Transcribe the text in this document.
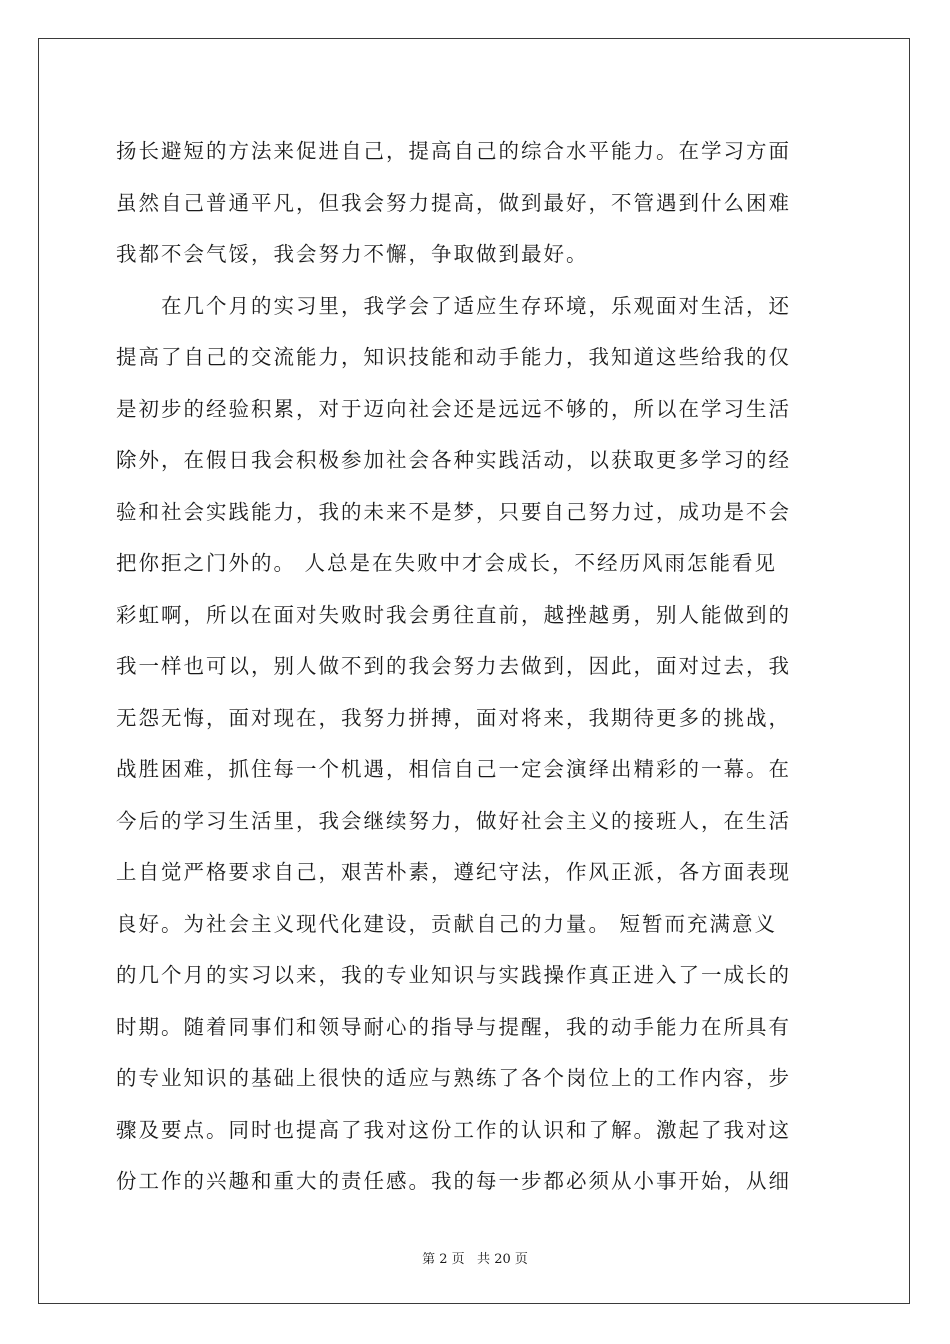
扬长避短的方法来促进自己，提高自己的综合水平能力。在学习方面
虽然自己普通平凡，但我会努力提高，做到最好，不管遇到什么困难
我都不会气馁，我会努力不懈，争取做到最好。
　　在几个月的实习里，我学会了适应生存环境，乐观面对生活，还
提高了自己的交流能力，知识技能和动手能力，我知道这些给我的仅
是初步的经验积累，对于迈向社会还是远远不够的，所以在学习生活
除外，在假日我会积极参加社会各种实践活动，以获取更多学习的经
验和社会实践能力，我的未来不是梦，只要自己努力过，成功是不会
把你拒之门外的。 人总是在失败中才会成长，不经历风雨怎能看见
彩虹啊，所以在面对失败时我会勇往直前，越挫越勇，别人能做到的
我一样也可以，别人做不到的我会努力去做到，因此，面对过去，我
无怨无悔，面对现在，我努力拼搏，面对将来，我期待更多的挑战，
战胜困难，抓住每一个机遇，相信自己一定会演绎出精彩的一幕。在
今后的学习生活里，我会继续努力，做好社会主义的接班人，在生活
上自觉严格要求自己，艰苦朴素，遵纪守法，作风正派，各方面表现
良好。为社会主义现代化建设，贡献自己的力量。 短暂而充满意义
的几个月的实习以来，我的专业知识与实践操作真正进入了一成长的
时期。随着同事们和领导耐心的指导与提醒，我的动手能力在所具有
的专业知识的基础上很快的适应与熟练了各个岗位上的工作内容，步
骤及要点。同时也提高了我对这份工作的认识和了解。激起了我对这
份工作的兴趣和重大的责任感。我的每一步都必须从小事开始，从细
第 2 页   共 20 页
